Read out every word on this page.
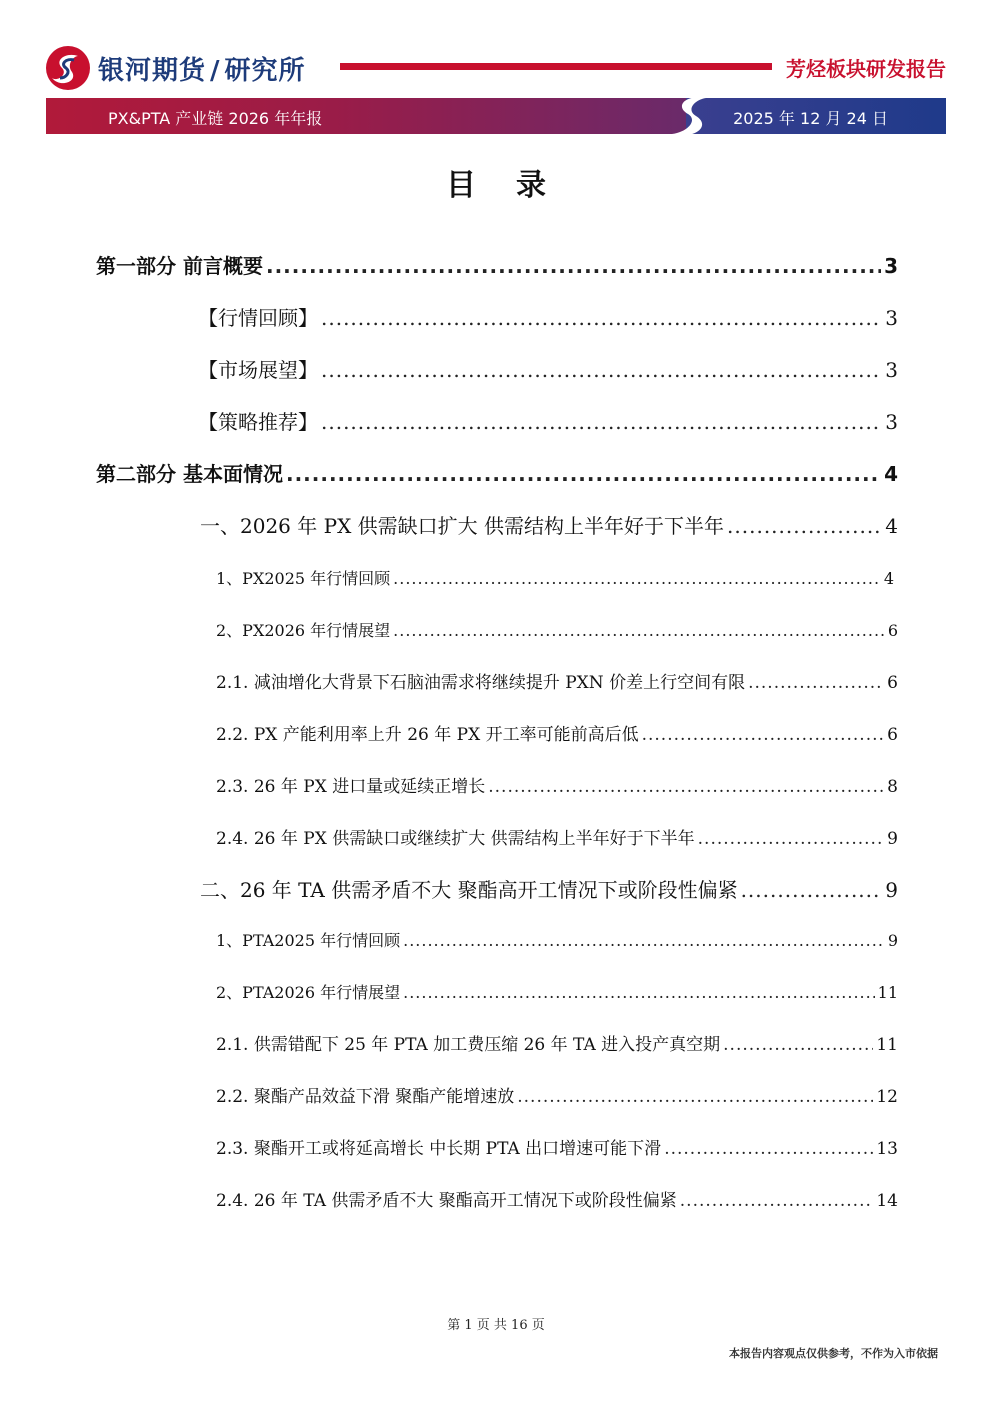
银河期货 / 研究所	芳烃板块研发报告
PX&PTA 产业链 2026 年年报	2025 年 12 月 24 日
目录
第一部分 前言概要 .....	3
【行情回顾】 .....	3
【市场展望】 .....	3
【策略推荐】 .....	3
第二部分 基本面情况 .....	4
一、2026 年 PX 供需缺口扩大 供需结构上半年好于下半年 .....	4
1、PX2025 年行情回顾 .....	4
2、PX2026 年行情展望 .....	6
2.1. 减油增化大背景下石脑油需求将继续提升 PXN 价差上行空间有限 .....	6
2.2. PX 产能利用率上升 26 年 PX 开工率可能前高后低 .....	6
2.3. 26 年 PX 进口量或延续正增长 .....	8
2.4. 26 年 PX 供需缺口或继续扩大 供需结构上半年好于下半年 .....	9
二、26 年 TA 供需矛盾不大 聚酯高开工情况下或阶段性偏紧 .....	9
1、PTA2025 年行情回顾 .....	9
2、PTA2026 年行情展望 .....	11
2.1. 供需错配下 25 年 PTA 加工费压缩 26 年 TA 进入投产真空期 .....	11
2.2. 聚酯产品效益下滑 聚酯产能增速放 .....	12
2.3. 聚酯开工或将延高增长 中长期 PTA 出口增速可能下滑 .....	13
2.4. 26 年 TA 供需矛盾不大 聚酯高开工情况下或阶段性偏紧 .....	14
第 1 页 共 16 页
本报告内容观点仅供参考，不作为入市依据
